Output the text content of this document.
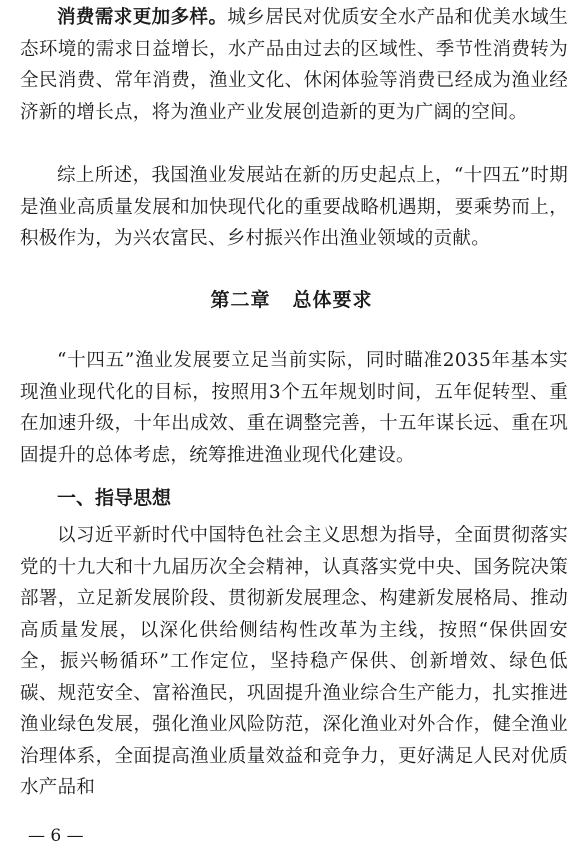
消费需求更加多样。城乡居民对优质安全水产品和优美水域生态环境的需求日益增长，水产品由过去的区域性、季节性消费转为全民消费、常年消费，渔业文化、休闲体验等消费已经成为渔业经济新的增长点，将为渔业产业发展创造新的更为广阔的空间。

综上所述，我国渔业发展站在新的历史起点上，“十四五”时期是渔业高质量发展和加快现代化的重要战略机遇期，要乘势而上，积极作为，为兴农富民、乡村振兴作出渔业领域的贡献。

第二章 总体要求

“十四五”渔业发展要立足当前实际，同时瞄准2035年基本实现渔业现代化的目标，按照用3个五年规划时间，五年促转型、重在加速升级，十年出成效、重在调整完善，十五年谋长远、重在巩固提升的总体考虑，统筹推进渔业现代化建设。

一、指导思想

以习近平新时代中国特色社会主义思想为指导，全面贯彻落实党的十九大和十九届历次全会精神，认真落实党中央、国务院决策部署，立足新发展阶段、贯彻新发展理念、构建新发展格局、推动高质量发展，以深化供给侧结构性改革为主线，按照“保供固安全，振兴畅循环”工作定位，坚持稳产保供、创新增效、绿色低碳、规范安全、富裕渔民，巩固提升渔业综合生产能力，扎实推进渔业绿色发展，强化渔业风险防范，深化渔业对外合作，健全渔业治理体系，全面提高渔业质量效益和竞争力，更好满足人民对优质水产品和

— 6 —
